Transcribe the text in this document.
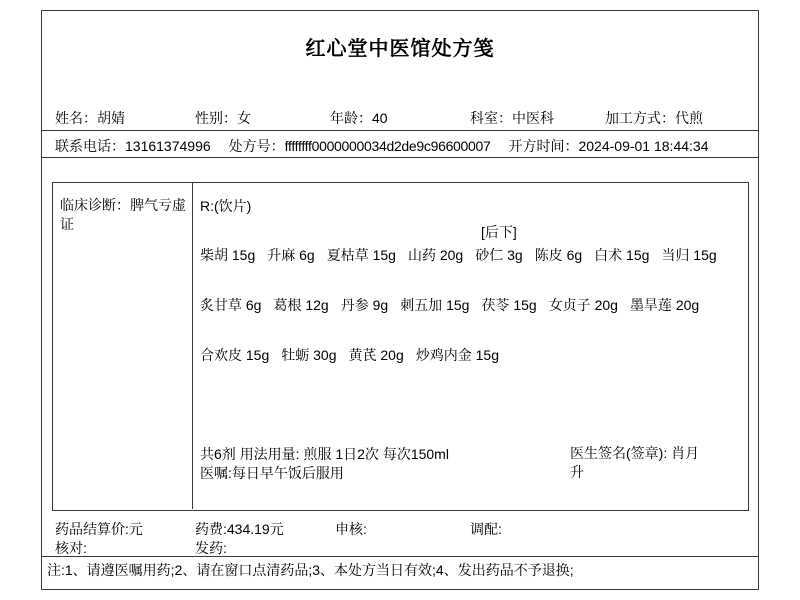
红心堂中医馆处方笺
姓名：胡婧	性别：女	年龄：40	科室：中医科	加工方式：代煎
联系电话：13161374996 处方号：ffffffff0000000034d2de9c96600007 开方时间：2024-09-01 18:44:34
临床诊断：脾气亏虚证
R:(饮片)
[后下]
柴胡 15g 升麻 6g 夏枯草 15g 山药 20g 砂仁 3g 陈皮 6g 白术 15g 当归 15g
炙甘草 6g 葛根 12g 丹参 9g 刺五加 15g 茯苓 15g 女贞子 20g 墨旱莲 20g
合欢皮 15g 牡蛎 30g 黄芪 20g 炒鸡内金 15g
共6剂 用法用量: 煎服 1日2次 每次150ml
医嘱:每日早午饭后服用
医生签名(签章): 肖月升
药品结算价:元	药费:434.19元	申核:	调配:
核对:	发药:
注:1、请遵医嘱用药;2、请在窗口点清药品;3、本处方当日有效;4、发出药品不予退换;
